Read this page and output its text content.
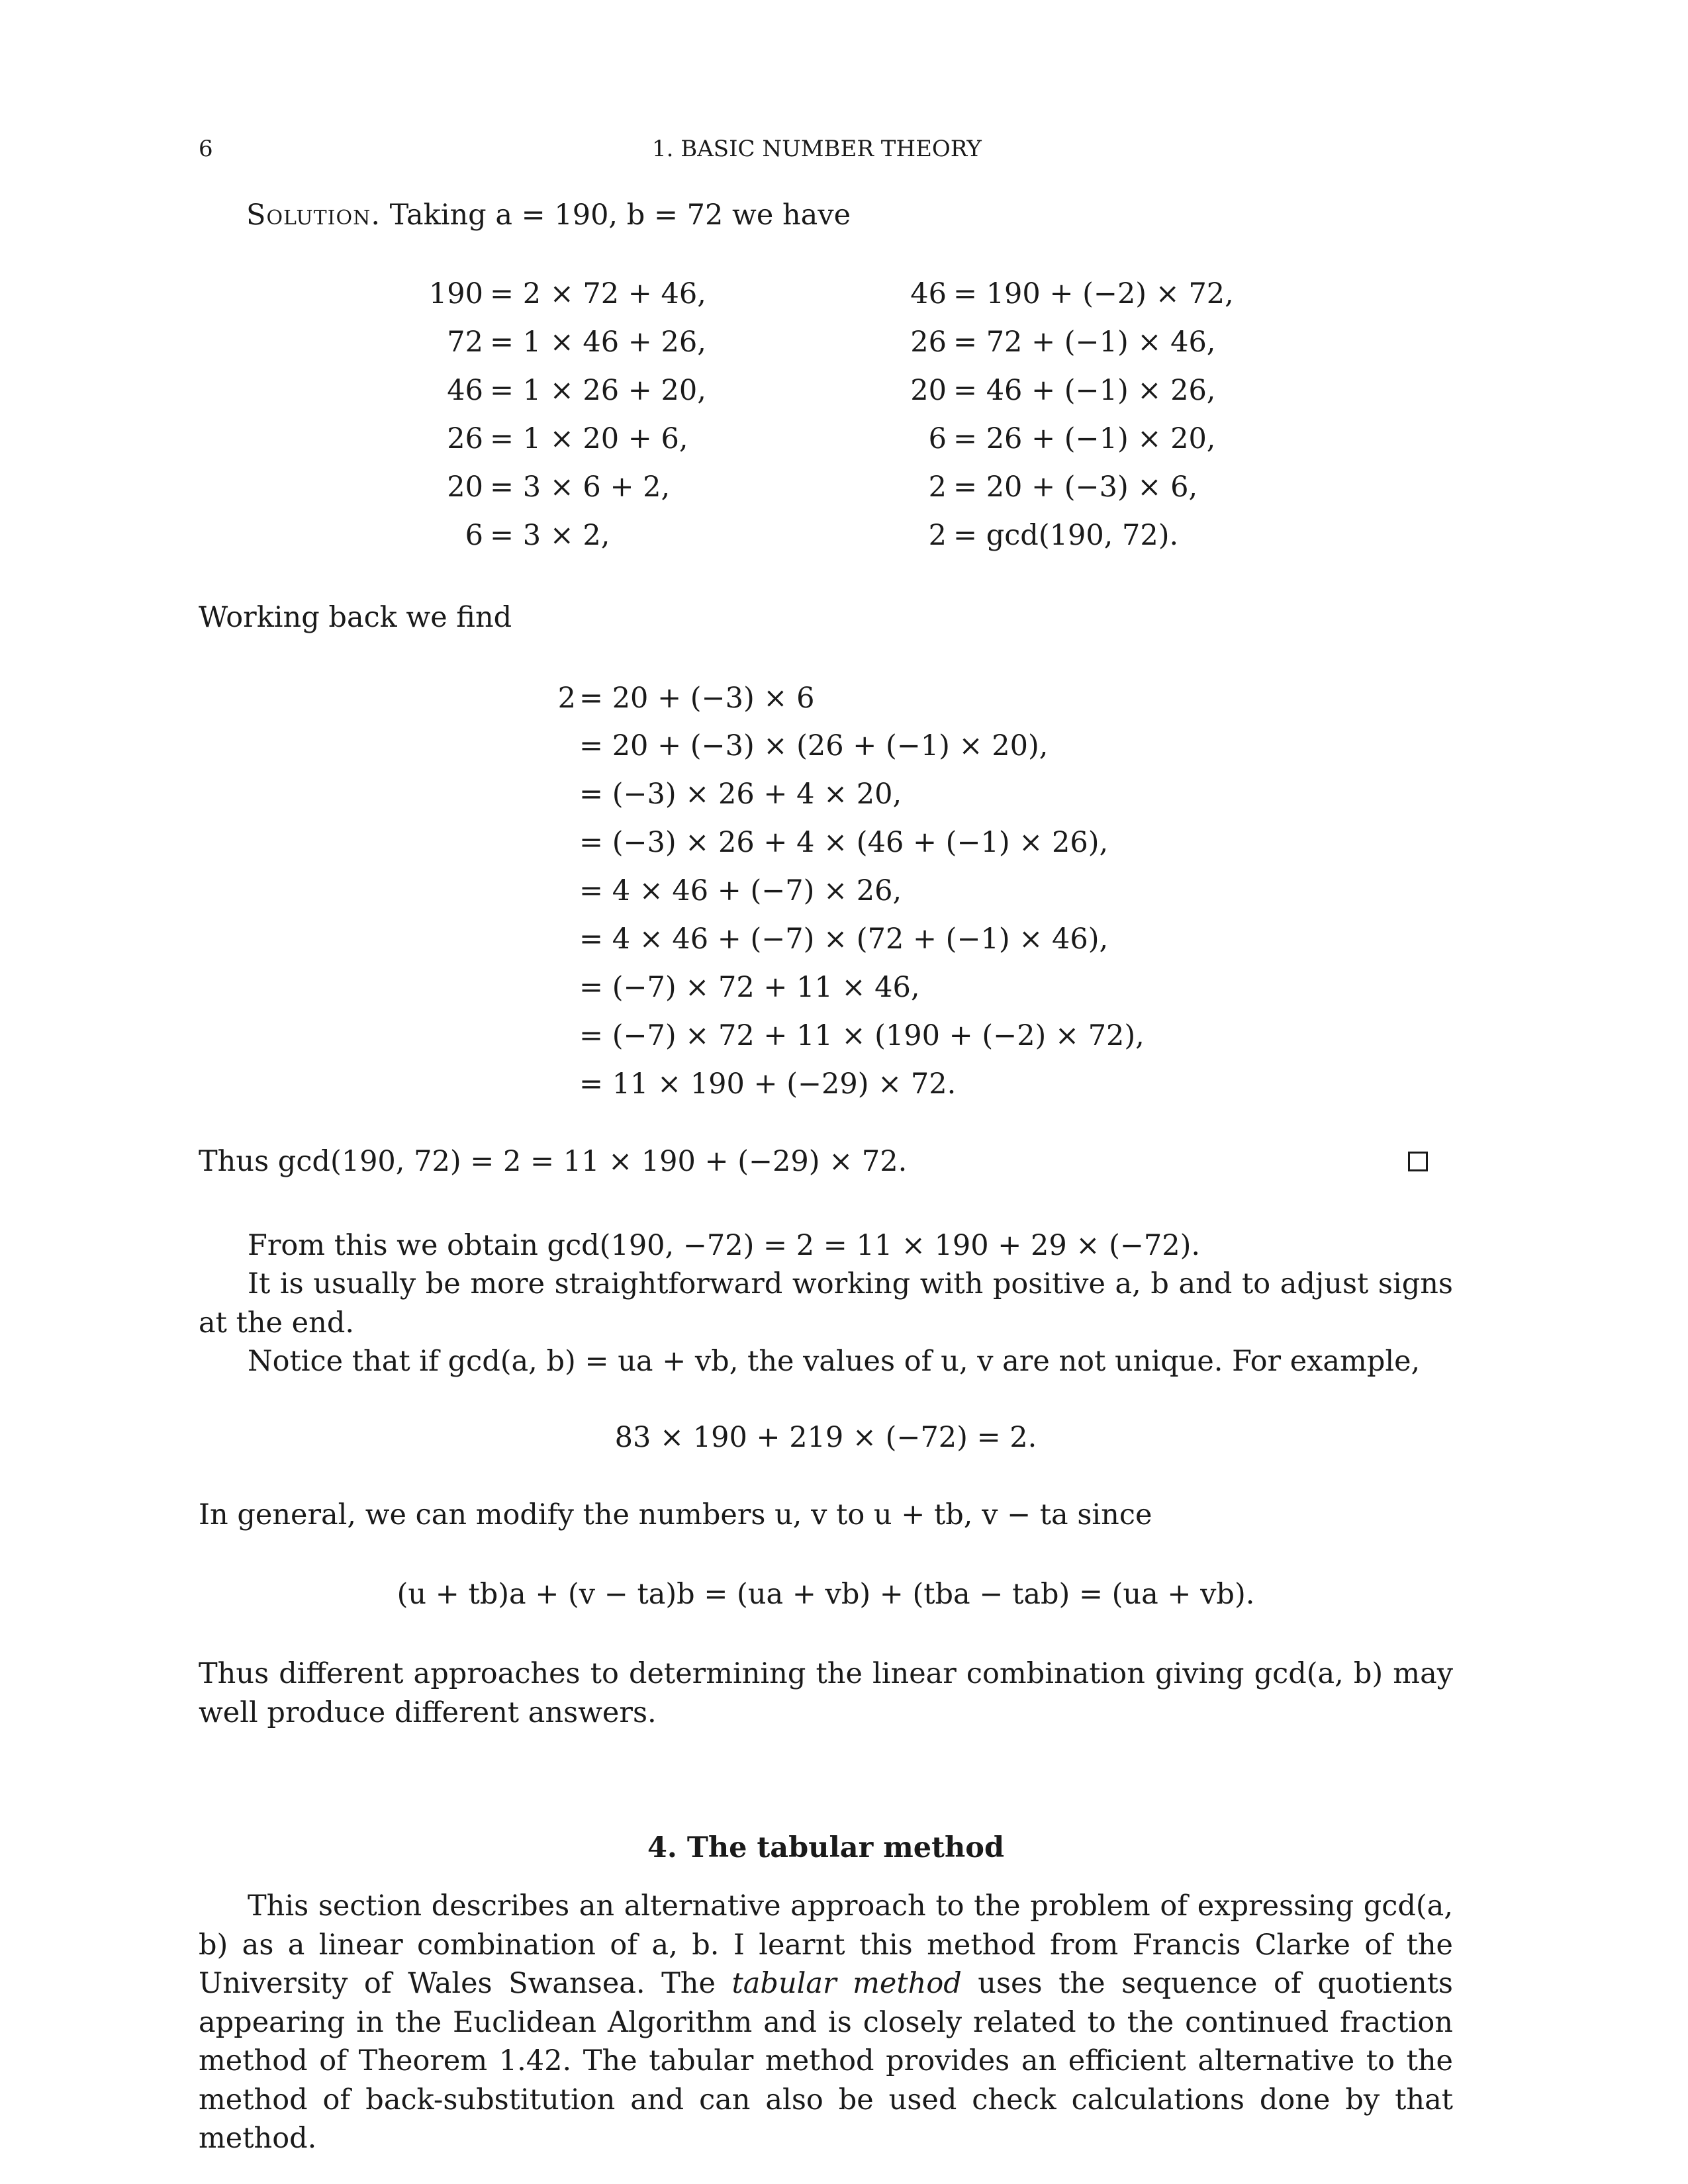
6	1. BASIC NUMBER THEORY
Solution. Taking a = 190, b = 72 we have
190 = 2 × 72 + 46,
72 = 1 × 46 + 26,
46 = 1 × 26 + 20,
26 = 1 × 20 + 6,
20 = 3 × 6 + 2,
6 = 3 × 2,
46 = 190 + (−2) × 72,
26 = 72 + (−1) × 46,
20 = 46 + (−1) × 26,
6 = 26 + (−1) × 20,
2 = 20 + (−3) × 6,
2 = gcd(190, 72).
Working back we find
2 = 20 + (−3) × 6
= 20 + (−3) × (26 + (−1) × 20),
= (−3) × 26 + 4 × 20,
= (−3) × 26 + 4 × (46 + (−1) × 26),
= 4 × 46 + (−7) × 26,
= 4 × 46 + (−7) × (72 + (−1) × 46),
= (−7) × 72 + 11 × 46,
= (−7) × 72 + 11 × (190 + (−2) × 72),
= 11 × 190 + (−29) × 72.
Thus gcd(190, 72) = 2 = 11 × 190 + (−29) × 72.
From this we obtain gcd(190, −72) = 2 = 11 × 190 + 29 × (−72).
It is usually be more straightforward working with positive a, b and to adjust signs at the end.
Notice that if gcd(a, b) = ua + vb, the values of u, v are not unique. For example,
83 × 190 + 219 × (−72) = 2.
In general, we can modify the numbers u, v to u + tb, v − ta since
(u + tb)a + (v − ta)b = (ua + vb) + (tba − tab) = (ua + vb).
Thus different approaches to determining the linear combination giving gcd(a, b) may well produce different answers.
4. The tabular method
This section describes an alternative approach to the problem of expressing gcd(a, b) as a linear combination of a, b. I learnt this method from Francis Clarke of the University of Wales Swansea. The tabular method uses the sequence of quotients appearing in the Euclidean Algorithm and is closely related to the continued fraction method of Theorem 1.42. The tabular method provides an efficient alternative to the method of back-substitution and can also be used check calculations done by that method.
